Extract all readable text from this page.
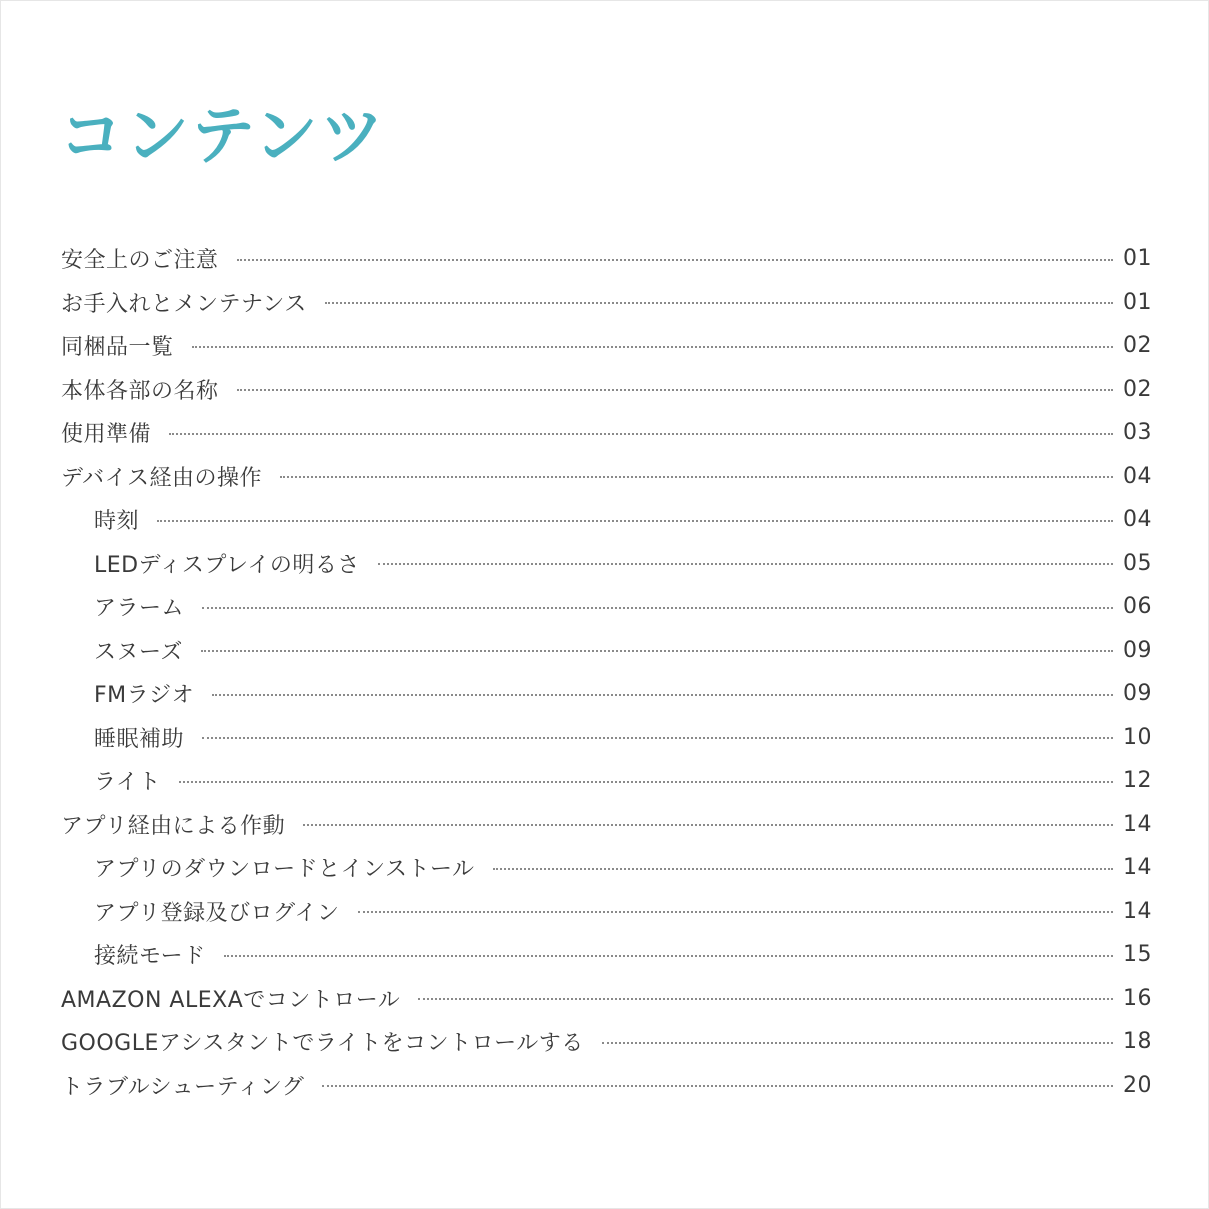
コンテンツ
安全上のご注意	01
お手入れとメンテナンス	01
同梱品一覧	02
本体各部の名称	02
使用準備	03
デバイス経由の操作	04
時刻	04
LEDディスプレイの明るさ	05
アラーム	06
スヌーズ	09
FMラジオ	09
睡眠補助	10
ライト	12
アプリ経由による作動	14
アプリのダウンロードとインストール	14
アプリ登録及びログイン	14
接続モード	15
AMAZON ALEXAでコントロール	16
GOOGLEアシスタントでライトをコントロールする	18
トラブルシューティング	20
